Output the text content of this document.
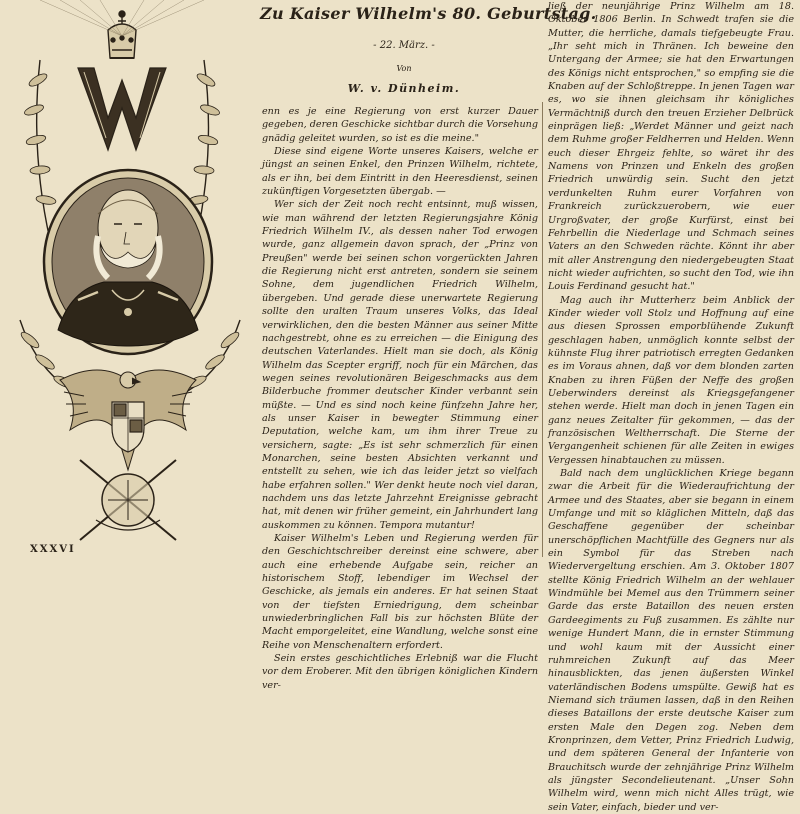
XXXVI
Zu Kaiser Wilhelm's 80. Geburtstag.
- 22. März. -
Von
W. v. Dünheim.

enn es je eine Regierung von erst kurzer Dauer gegeben, deren Geschicke sichtbar durch die Vorsehung gnädig geleitet wurden, so ist es die meine."

Diese sind eigene Worte unseres Kaisers, welche er jüngst an seinen Enkel, den Prinzen Wilhelm, richtete, als er ihn, bei dem Eintritt in den Heeresdienst, seinen zukünftigen Vorgesetzten übergab. —

Wer sich der Zeit noch recht entsinnt, muß wissen, wie man während der letzten Regierungsjahre König Friedrich Wilhelm IV., als dessen naher Tod erwogen wurde, ganz allgemein davon sprach, der „Prinz von Preußen" werde bei seinen schon vorgerückten Jahren die Regierung nicht erst antreten, sondern sie seinem Sohne, dem jugendlichen Friedrich Wilhelm, übergeben. Und gerade diese unerwartete Regierung sollte den uralten Traum unseres Volks, das Ideal verwirklichen, den die besten Männer aus seiner Mitte nachgestrebt, ohne es zu erreichen — die Einigung des deutschen Vaterlandes. Hielt man sie doch, als König Wilhelm das Scepter ergriff, noch für ein Märchen, das wegen seines revolutionären Beigeschmacks aus dem Bilderbuche frommer deutscher Kinder verbannt sein müßte. — Und es sind noch keine fünfzehn Jahre her, als unser Kaiser in bewegter Stimmung einer Deputation, welche kam, um ihm ihrer Treue zu versichern, sagte: „Es ist sehr schmerzlich für einen Monarchen, seine besten Absichten verkannt und entstellt zu sehen, wie ich das leider jetzt so vielfach habe erfahren sollen." Wer denkt heute noch viel daran, nachdem uns das letzte Jahrzehnt Ereignisse gebracht hat, mit denen wir früher gemeint, ein Jahrhundert lang auskommen zu können. Tempora mutantur!

Kaiser Wilhelm's Leben und Regierung werden für den Geschichtschreiber dereinst eine schwere, aber auch eine erhebende Aufgabe sein, reicher an historischem Stoff, lebendiger im Wechsel der Geschicke, als jemals ein anderes. Er hat seinen Staat von der tiefsten Erniedrigung, dem scheinbar unwiederbringlichen Fall bis zur höchsten Blüte der Macht emporgeleitet, eine Wandlung, welche sonst eine Reihe von Menschenaltern erfordert.

Sein erstes geschichtliches Erlebniß war die Flucht vor dem Eroberer. Mit den übrigen königlichen Kindern ver-

ließ der neunjährige Prinz Wilhelm am 18. Oktober 1806 Berlin. In Schwedt trafen sie die Mutter, die herrliche, damals tiefgebeugte Frau. „Ihr seht mich in Thränen. Ich beweine den Untergang der Armee; sie hat den Erwartungen des Königs nicht entsprochen," so empfing sie die Knaben auf der Schloßtreppe. In jenen Tagen war es, wo sie ihnen gleichsam ihr königliches Vermächtniß durch den treuen Erzieher Delbrück einprägen ließ: „Werdet Männer und geizt nach dem Ruhme großer Feldherren und Helden. Wenn euch dieser Ehrgeiz fehlte, so wäret ihr des Namens von Prinzen und Enkeln des großen Friedrich unwürdig sein. Sucht den jetzt verdunkelten Ruhm eurer Vorfahren von Frankreich zurückzuerobern, wie euer Urgroßvater, der große Kurfürst, einst bei Fehrbellin die Niederlage und Schmach seines Vaters an den Schweden rächte. Könnt ihr aber mit aller Anstrengung den niedergebeugten Staat nicht wieder aufrichten, so sucht den Tod, wie ihn Louis Ferdinand gesucht hat."

Mag auch ihr Mutterherz beim Anblick der Kinder wieder voll Stolz und Hoffnung auf eine aus diesen Sprossen emporblühende Zukunft geschlagen haben, unmöglich konnte selbst der kühnste Flug ihrer patriotisch erregten Gedanken es im Voraus ahnen, daß vor dem blonden zarten Knaben zu ihren Füßen der Neffe des großen Ueberwinders dereinst als Kriegsgefangener stehen werde. Hielt man doch in jenen Tagen ein ganz neues Zeitalter für gekommen, — das der französischen Weltherrschaft. Die Sterne der Vergangenheit schienen für alle Zeiten in ewiges Vergessen hinabtauchen zu müssen.

Bald nach dem unglücklichen Kriege begann zwar die Arbeit für die Wiederaufrichtung der Armee und des Staates, aber sie begann in einem Umfange und mit so kläglichen Mitteln, daß das Geschaffene gegenüber der scheinbar unerschöpflichen Machtfülle des Gegners nur als ein Symbol für das Streben nach Wiedervergeltung erschien. Am 3. Oktober 1807 stellte König Friedrich Wilhelm an der wehlauer Windmühle bei Memel aus den Trümmern seiner Garde das erste Bataillon des neuen ersten Gardeegiments zu Fuß zusammen. Es zählte nur wenige Hundert Mann, die in ernster Stimmung und wohl kaum mit der Aussicht einer ruhmreichen Zukunft auf das Meer hinausblickten, das jenen äußersten Winkel vaterländischen Bodens umspülte. Gewiß hat es Niemand sich träumen lassen, daß in den Reihen dieses Bataillons der erste deutsche Kaiser zum ersten Male den Degen zog. Neben dem Kronprinzen, dem Vetter, Prinz Friedrich Ludwig, und dem späteren General der Infanterie von Brauchitsch wurde der zehnjährige Prinz Wilhelm als jüngster Secondelieutenant. „Unser Sohn Wilhelm wird, wenn mich nicht Alles trügt, wie sein Vater, einfach, bieder und ver-
